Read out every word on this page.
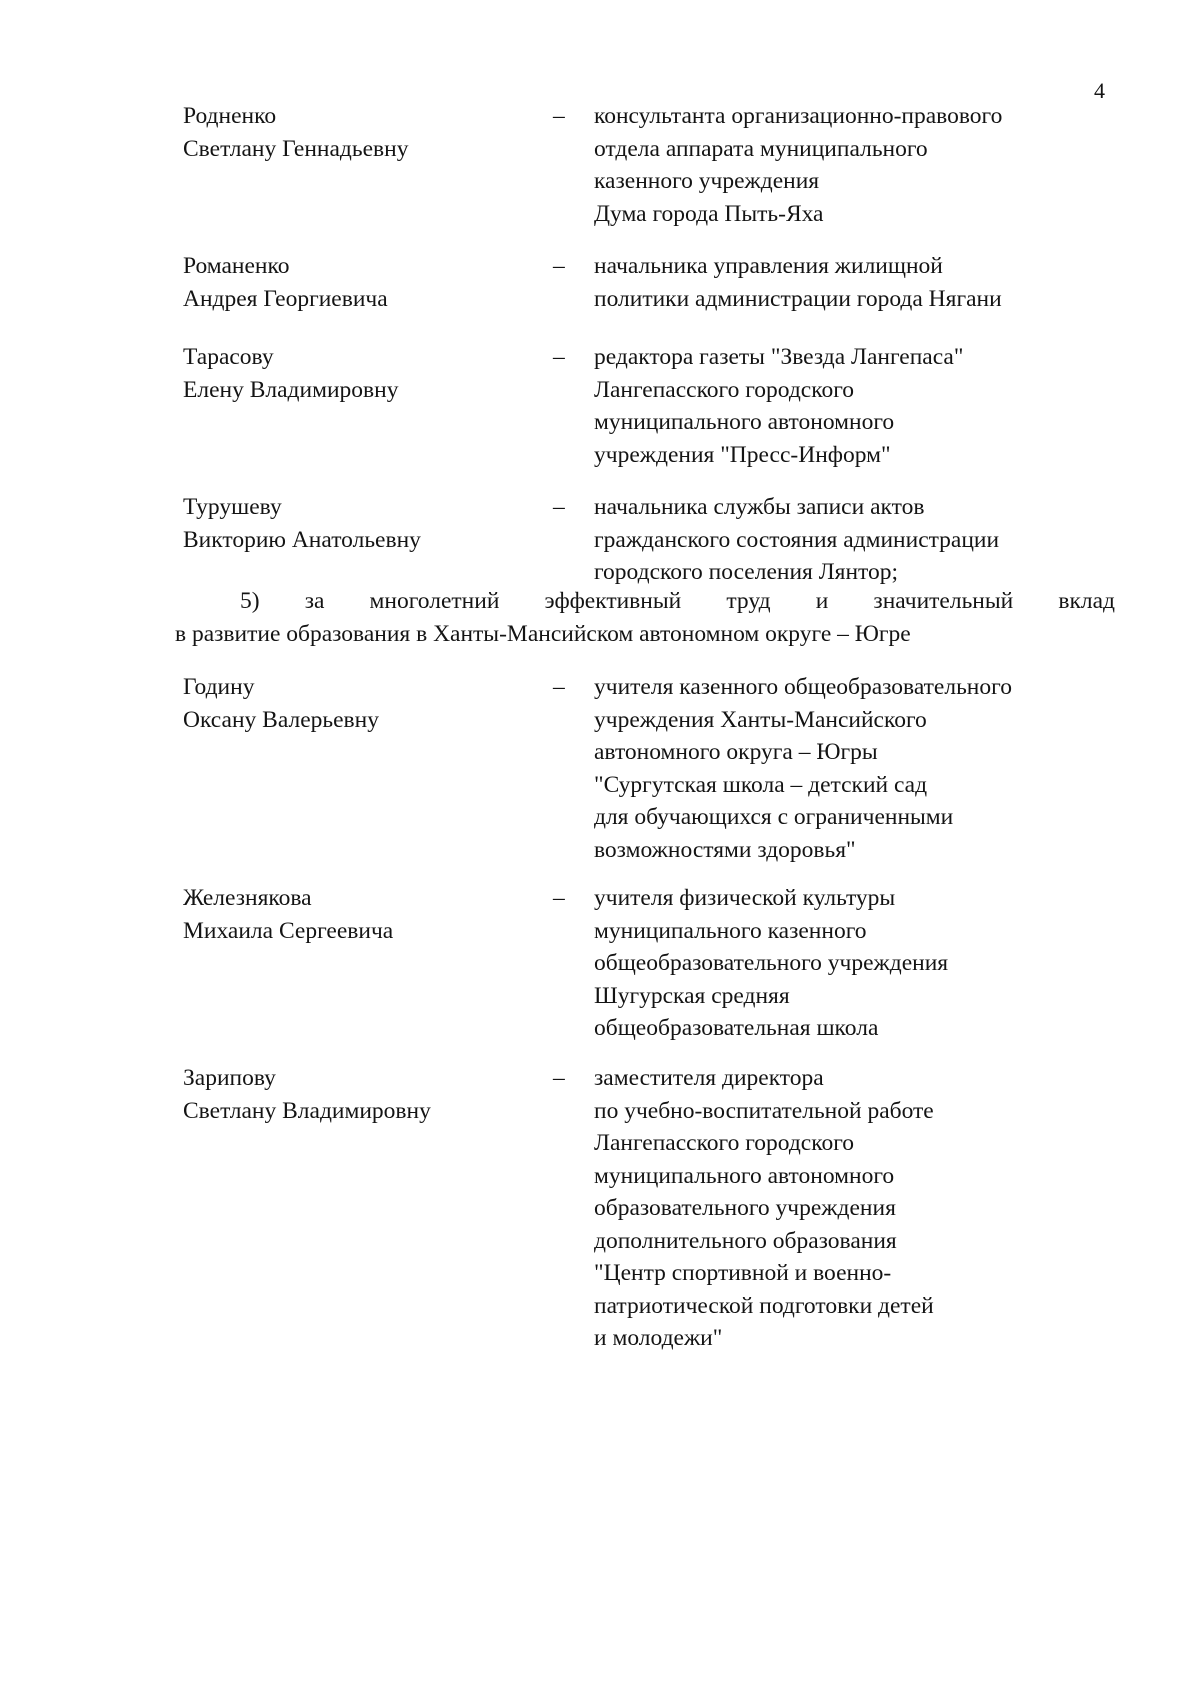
4
Родненко
Светлану Геннадьевну
– консультанта организационно-правового
отдела аппарата муниципального
казенного учреждения
Дума города Пыть-Яха
Романенко
Андрея Георгиевича
– начальника управления жилищной
политики администрации города Нягани
Тарасову
Елену Владимировну
– редактора газеты "Звезда Лангепаса"
Лангепасского городского
муниципального автономного
учреждения "Пресс-Информ"
Турушеву
Викторию Анатольевну
– начальника службы записи актов
гражданского состояния администрации
городского поселения Лянтор;
5) за многолетний эффективный труд и значительный вклад
в развитие образования в Ханты-Мансийском автономном округе – Югре
Годину
Оксану Валерьевну
– учителя казенного общеобразовательного
учреждения Ханты-Мансийского
автономного округа – Югры
"Сургутская школа – детский сад
для обучающихся с ограниченными
возможностями здоровья"
Железнякова
Михаила Сергеевича
– учителя физической культуры
муниципального казенного
общеобразовательного учреждения
Шугурская средняя
общеобразовательная школа
Зарипову
Светлану Владимировну
– заместителя директора
по учебно-воспитательной работе
Лангепасского городского
муниципального автономного
образовательного учреждения
дополнительного образования
"Центр спортивной и военно-
патриотической подготовки детей
и молодежи"
